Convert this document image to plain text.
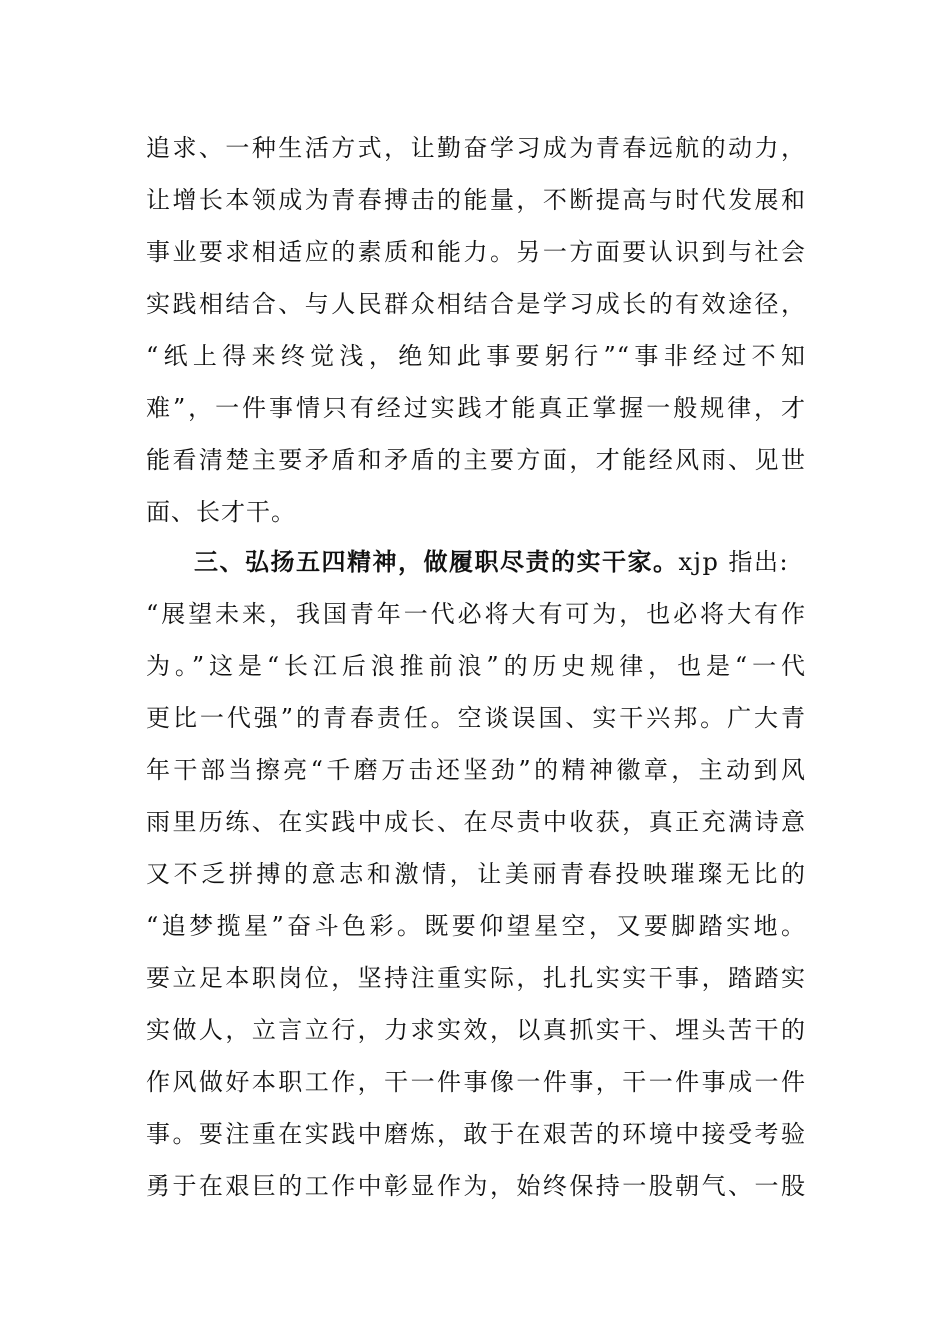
追求、一种生活方式，让勤奋学习成为青春远航的动力，
让增长本领成为青春搏击的能量，不断提高与时代发展和
事业要求相适应的素质和能力。另一方面要认识到与社会
实践相结合、与人民群众相结合是学习成长的有效途径，
“纸上得来终觉浅，绝知此事要躬行”“事非经过不知
难”，一件事情只有经过实践才能真正掌握一般规律，才
能看清楚主要矛盾和矛盾的主要方面，才能经风雨、见世
面、长才干。
三、弘扬五四精神，做履职尽责的实干家。xjp 指出:
“展望未来，我国青年一代必将大有可为，也必将大有作
为。”这是“长江后浪推前浪”的历史规律，也是“一代
更比一代强”的青春责任。空谈误国、实干兴邦。广大青
年干部当擦亮“千磨万击还坚劲”的精神徽章，主动到风
雨里历练、在实践中成长、在尽责中收获，真正充满诗意
又不乏拼搏的意志和激情，让美丽青春投映璀璨无比的
“追梦揽星”奋斗色彩。既要仰望星空，又要脚踏实地。
要立足本职岗位，坚持注重实际，扎扎实实干事，踏踏实
实做人，立言立行，力求实效，以真抓实干、埋头苦干的
作风做好本职工作，干一件事像一件事，干一件事成一件
事。要注重在实践中磨炼，敢于在艰苦的环境中接受考验
勇于在艰巨的工作中彰显作为，始终保持一股朝气、一股
